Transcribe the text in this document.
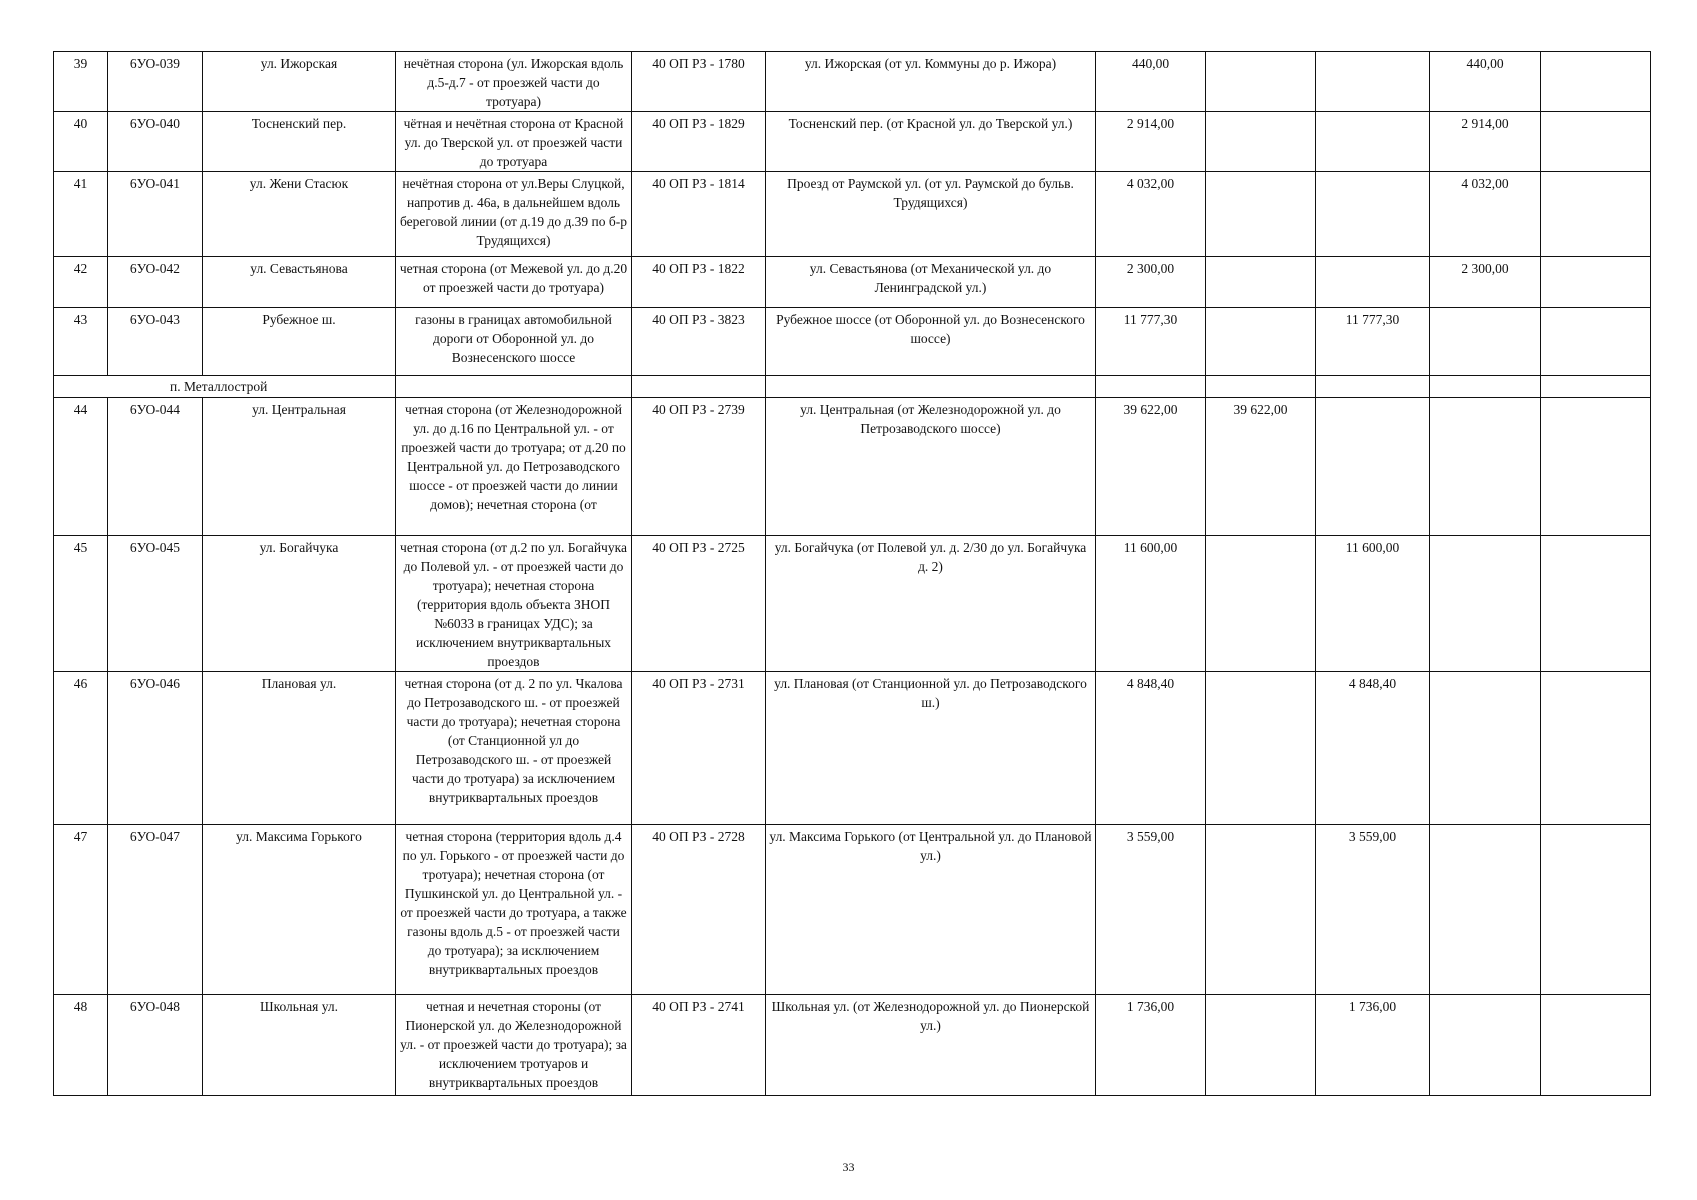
39	6УО-039	ул. Ижорская	нечётная сторона (ул. Ижорская вдоль д.5-д.7 - от проезжей части до тротуара)	40 ОП РЗ - 1780	ул. Ижорская (от ул. Коммуны до р. Ижора)	440,00			440,00	
40	6УО-040	Тосненский пер.	чётная и нечётная сторона от Красной ул. до Тверской ул. от проезжей части до тротуара	40 ОП РЗ - 1829	Тосненский пер. (от Красной ул. до Тверской ул.)	2 914,00			2 914,00	
41	6УО-041	ул. Жени Стасюк	нечётная сторона от ул.Веры Слуцкой, напротив д. 46а, в дальнейшем вдоль береговой линии (от д.19 до д.39 по б-р Трудящихся)	40 ОП РЗ - 1814	Проезд от Раумской ул. (от ул. Раумской до бульв. Трудящихся)	4 032,00			4 032,00	
42	6УО-042	ул. Севастьянова	четная сторона (от Межевой ул. до д.20 от проезжей части до тротуара)	40 ОП РЗ - 1822	ул. Севастьянова (от Механической ул. до Ленинградской ул.)	2 300,00			2 300,00	
43	6УО-043	Рубежное ш.	газоны в границах автомобильной дороги от Оборонной ул. до Вознесенского шоссе	40 ОП РЗ - 3823	Рубежное шоссе (от Оборонной ул. до Вознесенского шоссе)	11 777,30		11 777,30		
п. Металлострой										
44	6УО-044	ул. Центральная	четная сторона (от Железнодорожной ул. до д.16 по Центральной ул. - от проезжей части до тротуара; от д.20 по Центральной ул. до Петрозаводского шоссе - от проезжей части до линии домов); нечетная сторона (от	40 ОП РЗ - 2739	ул. Центральная (от Железнодорожной ул. до Петрозаводского шоссе)	39 622,00	39 622,00			
45	6УО-045	ул. Богайчука	четная сторона (от д.2 по ул. Богайчука до Полевой ул. - от проезжей части до тротуара); нечетная сторона (территория вдоль объекта ЗНОП №6033 в границах УДС); за исключением внутриквартальных проездов	40 ОП РЗ - 2725	ул. Богайчука (от Полевой ул. д. 2/30 до ул. Богайчука д. 2)	11 600,00		11 600,00		
46	6УО-046	Плановая ул.	четная сторона (от д. 2 по ул. Чкалова до Петрозаводского ш. - от проезжей части до тротуара); нечетная сторона (от Станционной ул до Петрозаводского ш. - от проезжей части до тротуара) за исключением внутриквартальных проездов	40 ОП РЗ - 2731	ул. Плановая (от Станционной ул. до Петрозаводского ш.)	4 848,40		4 848,40		
47	6УО-047	ул. Максима Горького	четная сторона (территория вдоль д.4 по ул. Горького - от проезжей части до тротуара); нечетная сторона (от Пушкинской ул. до Центральной ул. - от проезжей части до тротуара, а также газоны вдоль д.5 - от проезжей части до тротуара); за исключением внутриквартальных проездов	40 ОП РЗ - 2728	ул. Максима Горького (от Центральной ул. до Плановой ул.)	3 559,00		3 559,00		
48	6УО-048	Школьная ул.	четная и нечетная стороны (от Пионерской ул. до Железнодорожной ул. - от проезжей части до тротуара); за исключением тротуаров и внутриквартальных проездов	40 ОП РЗ - 2741	Школьная ул. (от Железнодорожной ул. до Пионерской ул.)	1 736,00		1 736,00		
33
